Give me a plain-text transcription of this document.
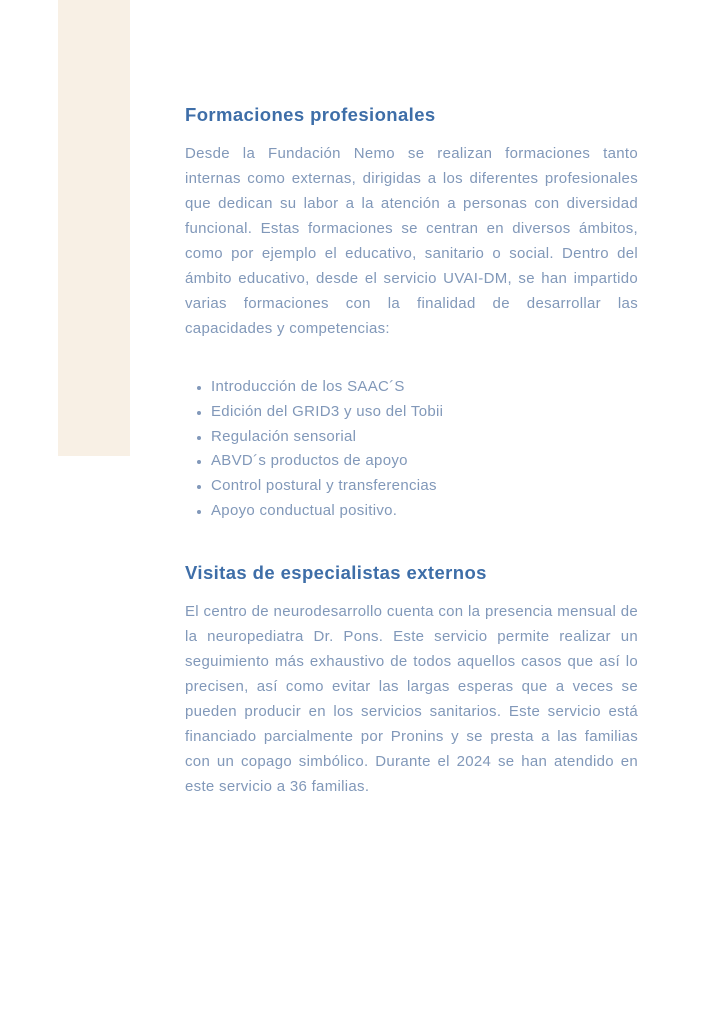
Formaciones profesionales

Desde la Fundación Nemo se realizan formaciones tanto internas como externas, dirigidas a los diferentes profesionales que dedican su labor a la atención a personas con diversidad funcional. Estas formaciones se centran en diversos ámbitos, como por ejemplo el educativo, sanitario o social. Dentro del ámbito educativo, desde el servicio UVAI-DM, se han impartido varias formaciones con la finalidad de desarrollar las capacidades y competencias:

• Introducción de los SAAC´S
• Edición del GRID3 y uso del Tobii
• Regulación sensorial
• ABVD´s productos de apoyo
• Control postural y transferencias
• Apoyo conductual positivo.
Visitas de especialistas externos

El centro de neurodesarrollo cuenta con la presencia mensual de la neuropediatra Dr. Pons. Este servicio permite realizar un seguimiento más exhaustivo de todos aquellos casos que así lo precisen, así como evitar las largas esperas que a veces se pueden producir en los servicios sanitarios. Este servicio está financiado parcialmente por Pronins y se presta a las familias con un copago simbólico. Durante el 2024 se han atendido en este servicio a 36 familias.
